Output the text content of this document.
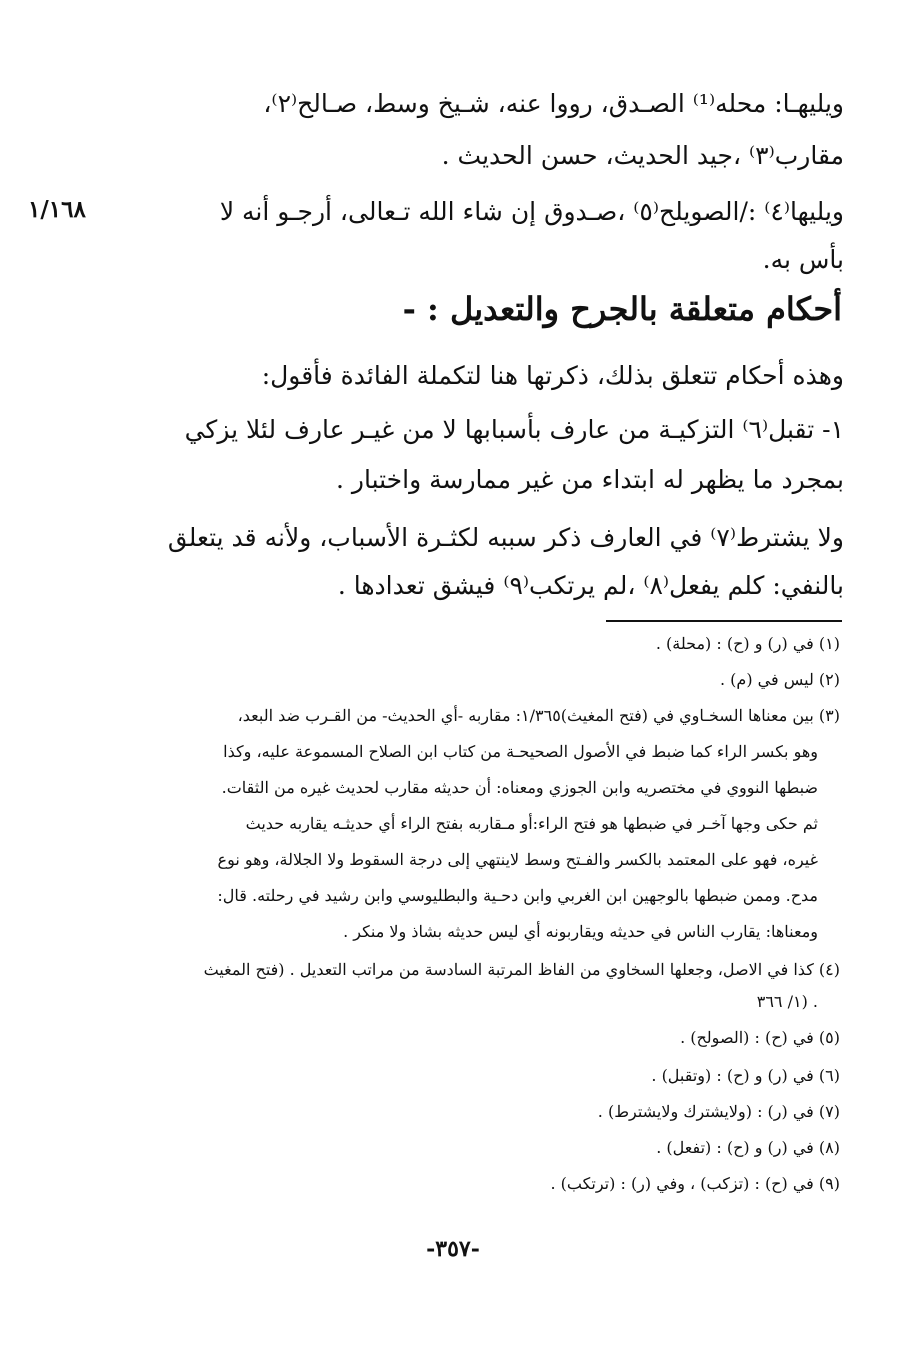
ويليهـا: محله⁽¹⁾ الصـدق، رووا عنه، شـيخ وسط، صـالح⁽٢⁾،
مقارب⁽٣⁾ ،جيد الحديث، حسن الحديث .
ويليها⁽٤⁾ :/الصويلح⁽٥⁾ ،صـدوق إن شاء الله تـعالى، أرجـو أنه لا
١/١٦٨
بأس به.
أحكام متعلقة بالجرح والتعديل : -
وهذه أحكام تتعلق بذلك، ذكرتها هنا لتكملة الفائدة فأقول:
١- تقبل⁽٦⁾ التزكيـة من عارف بأسبابها لا من غيـر عارف لئلا يزكي
بمجرد ما يظهر له ابتداء من غير ممارسة واختبار .
ولا يشترط⁽٧⁾ في العارف ذكر سببه لكثـرة الأسباب، ولأنه قد يتعلق
بالنفي: كلم يفعل⁽٨⁾ ،لم يرتكب⁽٩⁾ فيشق تعدادها .
(١) في (ر) و (ح) : (محلة) .
(٢) ليس في (م) .
(٣) بين معناها السخـاوي في (فتح المغيث)١/٣٦٥: مقاربه -أي الحديث- من القـرب ضد البعد،
وهو بكسر الراء كما ضبط في الأصول الصحيحـة من كتاب ابن الصلاح المسموعة عليه، وكذا
ضبطها النووي في مختصريه وابن الجوزي ومعناه: أن حديثه مقارب لحديث غيره من الثقات.
ثم حكى وجها آخـر في ضبطها هو فتح الراء:أو مـقاربه بفتح الراء أي حديثـه يقاربه حديث
غيره، فهو على المعتمد بالكسر والفـتح وسط لاينتهي إلى درجة السقوط ولا الجلالة، وهو نوع
مدح. وممن ضبطها بالوجهين ابن الغربي وابن دحـية والبطليوسي وابن رشيد في رحلته. قال:
ومعناها: يقارب الناس في حديثه ويقاربونه أي ليس حديثه بشاذ ولا منكر .
(٤) كذا في الاصل، وجعلها السخاوي من الفاظ المرتبة السادسة من مراتب التعديل . (فتح المغيث
١/ ٣٦٦) .
(٥) في (ح) : (الصولح) .
(٦) في (ر) و (ح) : (وتقبل) .
(٧) في (ر) : (ولايشترك ولايشترط) .
(٨) في (ر) و (ح) : (تفعل) .
(٩) في (ح) : (تزكب) ، وفي (ر) : (ترتكب) .
-٣٥٧-
